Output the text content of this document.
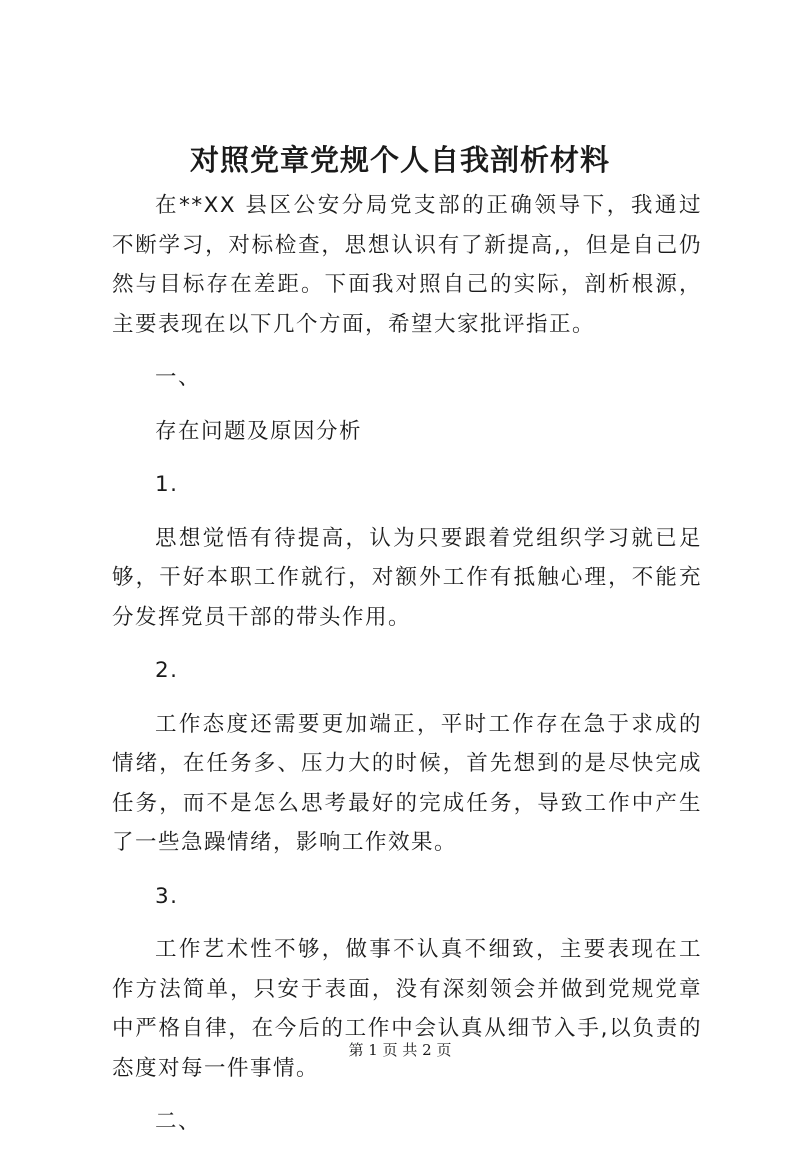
对照党章党规个人自我剖析材料

在**XX 县区公安分局党支部的正确领导下，我通过不断学习，对标检查，思想认识有了新提高,，但是自己仍然与目标存在差距。下面我对照自己的实际，剖析根源，主要表现在以下几个方面，希望大家批评指正。

一、

存在问题及原因分析

1.

思想觉悟有待提高，认为只要跟着党组织学习就已足够，干好本职工作就行，对额外工作有抵触心理，不能充分发挥党员干部的带头作用。

2.

工作态度还需要更加端正，平时工作存在急于求成的情绪，在任务多、压力大的时候，首先想到的是尽快完成任务，而不是怎么思考最好的完成任务，导致工作中产生了一些急躁情绪，影响工作效果。

3.

工作艺术性不够，做事不认真不细致，主要表现在工作方法简单，只安于表面，没有深刻领会并做到党规党章中严格自律，在今后的工作中会认真从细节入手,以负责的态度对每一件事情。

二、

第 1 页 共 2 页
